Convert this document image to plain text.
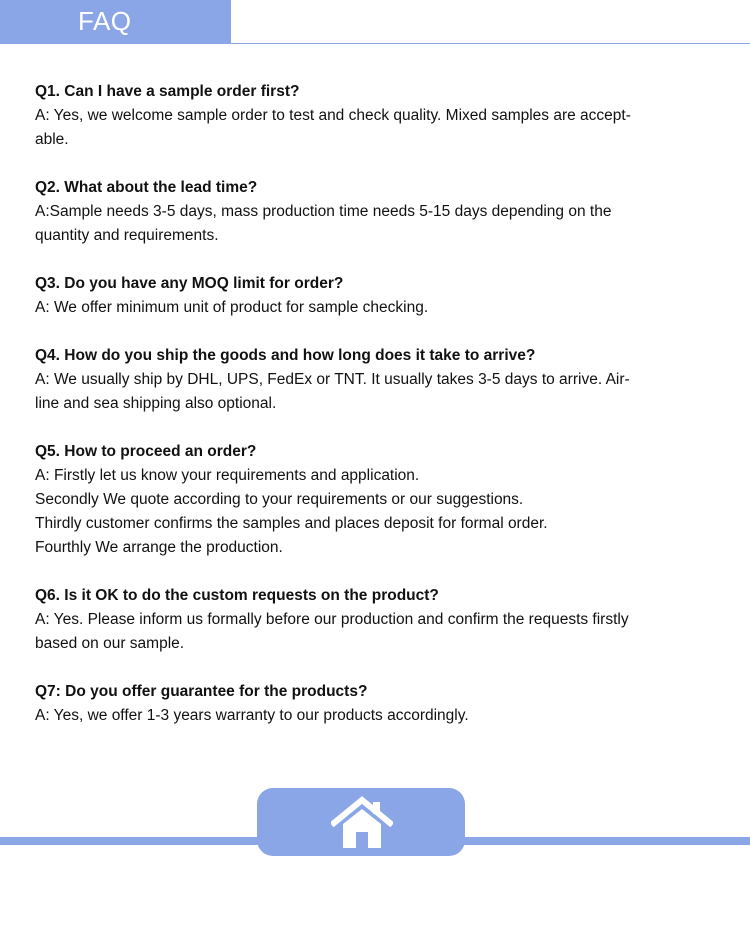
FAQ
Q1. Can I have a sample order first?
A: Yes, we welcome sample order to test and check quality. Mixed samples are accept-
able.
Q2. What about the lead time?
A:Sample needs 3-5 days, mass production time needs 5-15 days depending on the
quantity and requirements.
Q3. Do you have any MOQ limit for order?
A: We offer minimum unit of product for sample checking.
Q4. How do you ship the goods and how long does it take to arrive?
A: We usually ship by DHL, UPS, FedEx or TNT. It usually takes 3-5 days to arrive. Air-
line and sea shipping also optional.
Q5. How to proceed an order?
A: Firstly let us know your requirements and application.
Secondly We quote according to your requirements or our suggestions.
Thirdly customer confirms the samples and places deposit for formal order.
Fourthly We arrange the production.
Q6. Is it OK to do the custom requests on the product?
A: Yes. Please inform us formally before our production and confirm the requests firstly
based on our sample.
Q7: Do you offer guarantee for the products?
A: Yes, we offer 1-3 years warranty to our products accordingly.
